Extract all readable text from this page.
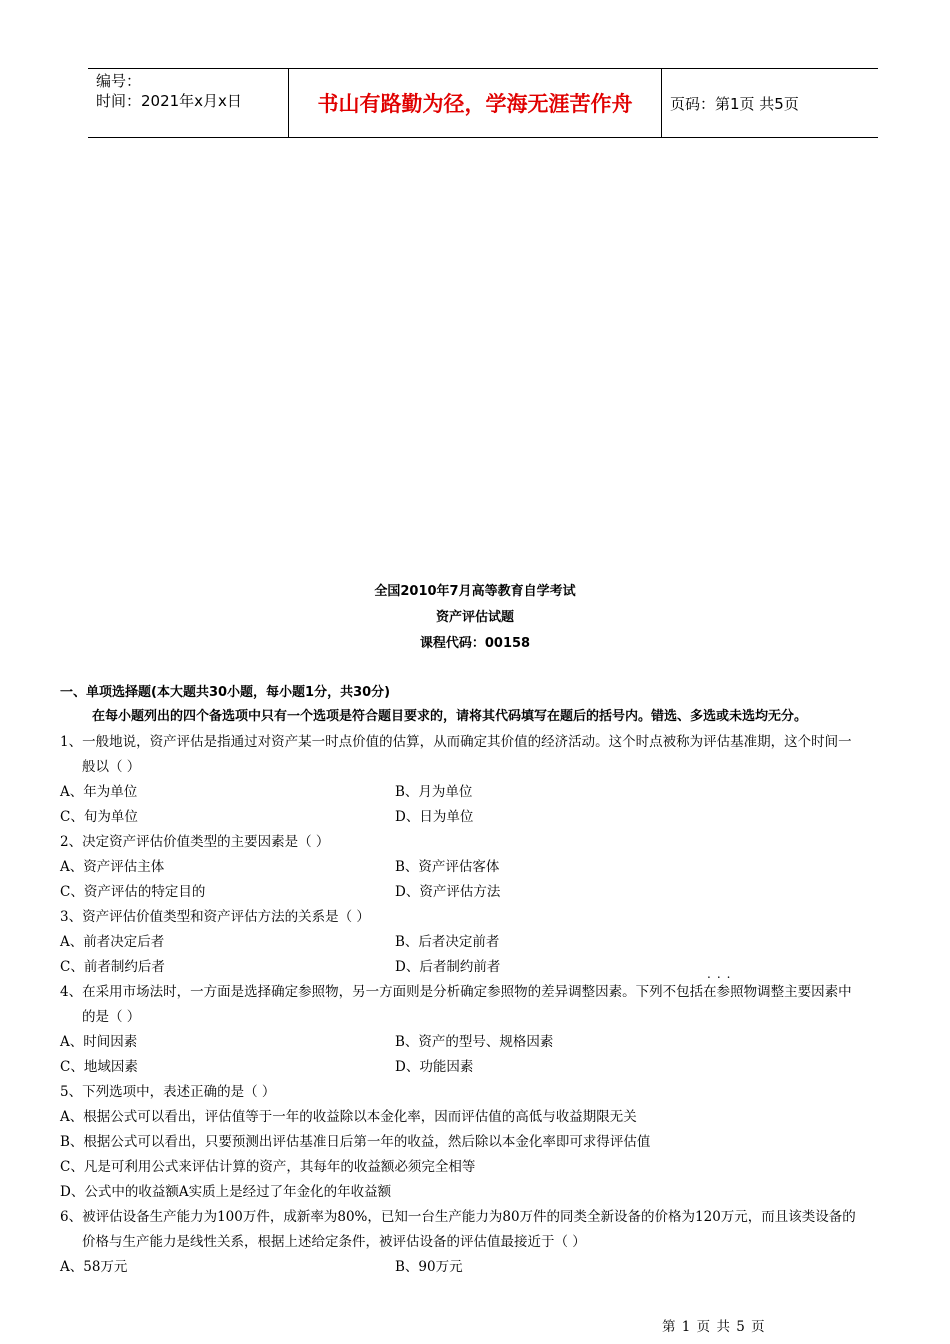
编号：
时间：2021年x月x日	书山有路勤为径，学海无涯苦作舟	页码：第1页 共5页
全国2010年7月高等教育自学考试
资产评估试题
课程代码：00158
一、单项选择题(本大题共30小题，每小题1分，共30分)
在每小题列出的四个备选项中只有一个选项是符合题目要求的，请将其代码填写在题后的括号内。错选、多选或未选均无分。
1、一般地说，资产评估是指通过对资产某一时点价值的估算，从而确定其价值的经济活动。这个时点被称为评估基准期，这个时间一
般以（ ）
A、年为单位	B、月为单位
C、旬为单位	D、日为单位
2、决定资产评估价值类型的主要因素是（ ）
A、资产评估主体	B、资产评估客体
C、资产评估的特定目的	D、资产评估方法
3、资产评估价值类型和资产评估方法的关系是（ ）
A、前者决定后者	B、后者决定前者
C、前者制约后者	D、后者制约前者	...
4、在采用市场法时，一方面是选择确定参照物，另一方面则是分析确定参照物的差异调整因素。下列不包括在参照物调整主要因素中
的是（ ）
A、时间因素	B、资产的型号、规格因素
C、地域因素	D、功能因素
5、下列选项中，表述正确的是（ ）
A、根据公式可以看出，评估值等于一年的收益除以本金化率，因而评估值的高低与收益期限无关
B、根据公式可以看出，只要预测出评估基准日后第一年的收益，然后除以本金化率即可求得评估值
C、凡是可利用公式来评估计算的资产，其每年的收益额必须完全相等
D、公式中的收益额A实质上是经过了年金化的年收益额
6、被评估设备生产能力为100万件，成新率为80%，已知一台生产能力为80万件的同类全新设备的价格为120万元，而且该类设备的
价格与生产能力是线性关系，根据上述给定条件，被评估设备的评估值最接近于（ ）
A、58万元	B、90万元
第 1 页 共 5 页
